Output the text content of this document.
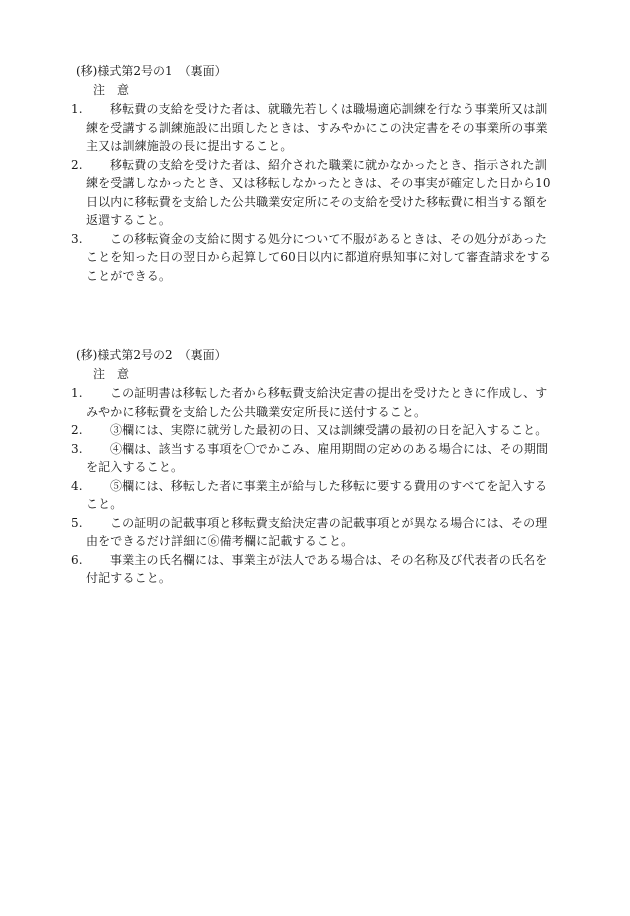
(移)様式第2号の1　（裏面）
注　意
1.	移転費の支給を受けた者は、就職先若しくは職場適応訓練を行なう事業所又は訓練を受講する訓練施設に出頭したときは、すみやかにこの決定書をその事業所の事業主又は訓練施設の長に提出すること。
2.	移転費の支給を受けた者は、紹介された職業に就かなかったとき、指示された訓練を受講しなかったとき、又は移転しなかったときは、その事実が確定した日から10日以内に移転費を支給した公共職業安定所にその支給を受けた移転費に相当する額を返還すること。
3.	この移転資金の支給に関する処分について不服があるときは、その処分があったことを知った日の翌日から起算して60日以内に都道府県知事に対して審査請求をすることができる。
(移)様式第2号の2　（裏面）
注　意
1.	この証明書は移転した者から移転費支給決定書の提出を受けたときに作成し、すみやかに移転費を支給した公共職業安定所長に送付すること。
2.	③欄には、実際に就労した最初の日、又は訓練受講の最初の日を記入すること。
3.	④欄は、該当する事項を〇でかこみ、雇用期間の定めのある場合には、その期間を記入すること。
4.	⑤欄には、移転した者に事業主が給与した移転に要する費用のすべてを記入すること。
5.	この証明の記載事項と移転費支給決定書の記載事項とが異なる場合には、その理由をできるだけ詳細に⑥備考欄に記載すること。
6.	事業主の氏名欄には、事業主が法人である場合は、その名称及び代表者の氏名を付記すること。
